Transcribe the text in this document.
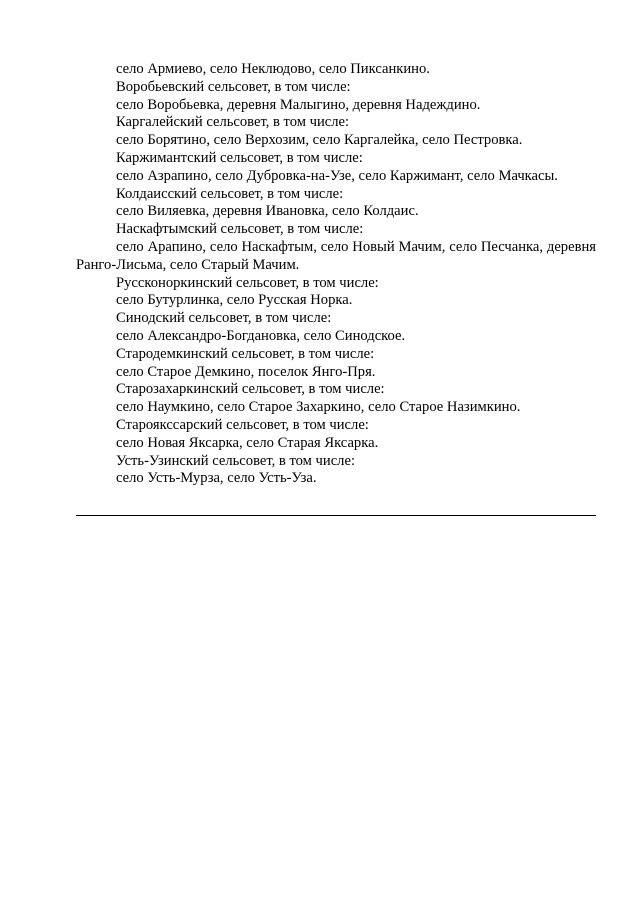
село Армиево, село Неклюдово, село Пиксанкино.

Воробьевский сельсовет, в том числе:

село Воробьевка, деревня Малыгино, деревня Надеждино.

Каргалейский сельсовет, в том числе:

село Борятино, село Верхозим, село Каргалейка, село Пестровка.

Каржимантский сельсовет, в том числе:

село Азрапино, село Дубровка-на-Узе, село Каржимант, село Мачкасы.

Колдаисский сельсовет, в том числе:

село Виляевка, деревня Ивановка, село Колдаис.

Наскафтымский сельсовет, в том числе:

село Арапино, село Наскафтым, село Новый Мачим, село Песчанка, деревня Ранго-Лисьма, село Старый Мачим.

Руссконоркинский сельсовет, в том числе:

село Бутурлинка, село Русская Норка.

Синодский сельсовет, в том числе:

село Александро-Богдановка, село Синодское.

Стародемкинский сельсовет, в том числе:

село Старое Демкино, поселок Янго-Пря.

Старозахаркинский сельсовет, в том числе:

село Наумкино, село Старое Захаркино, село Старое Назимкино.

Староякссарский сельсовет, в том числе:

село Новая Яксарка, село Старая Яксарка.

Усть-Узинский сельсовет, в том числе:

село Усть-Мурза, село Усть-Уза.
